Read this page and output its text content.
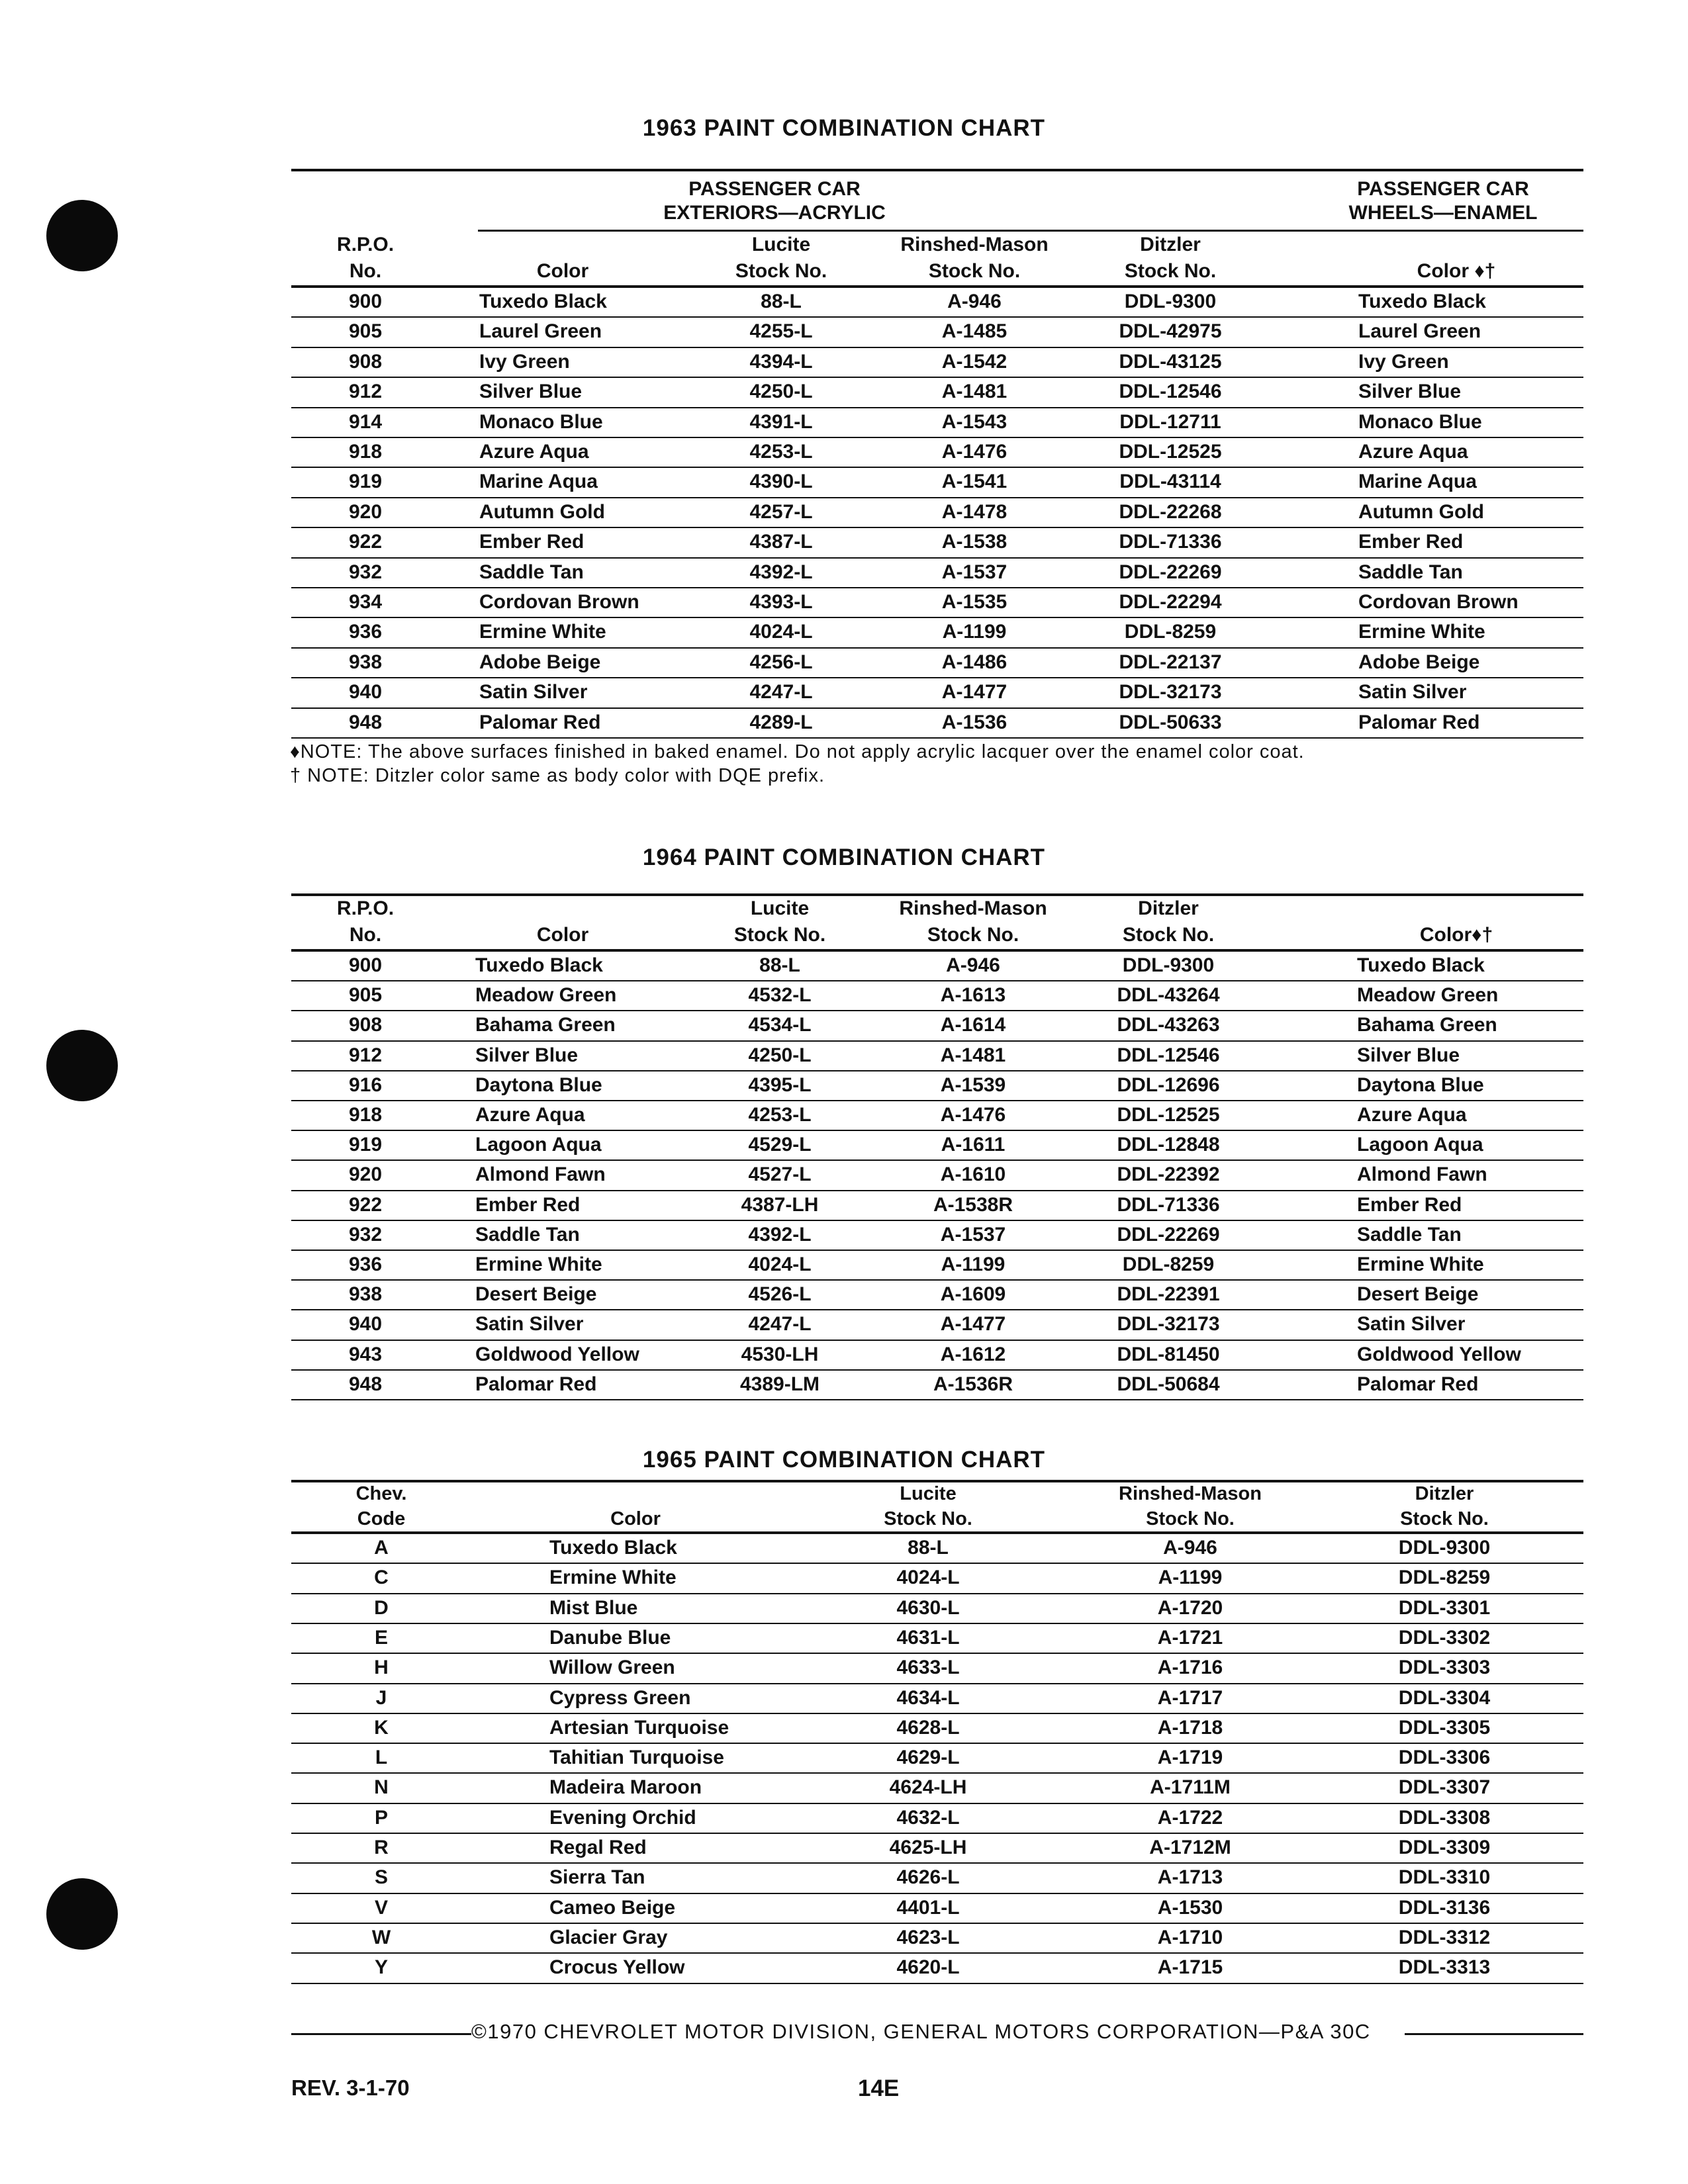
1963 PAINT COMBINATION CHART
PASSENGER CAR
EXTERIORS—ACRYLIC
PASSENGER CAR
WHEELS—ENAMEL
R.P.O.
No.	Color
Lucite
Stock No.
Rinshed-Mason
Stock No.
Ditzler
Stock No.	Color ♦†
900	Tuxedo Black	88-L	A-946	DDL-9300	Tuxedo Black
905	Laurel Green	4255-L	A-1485	DDL-42975	Laurel Green
908	Ivy Green	4394-L	A-1542	DDL-43125	Ivy Green
912	Silver Blue	4250-L	A-1481	DDL-12546	Silver Blue
914	Monaco Blue	4391-L	A-1543	DDL-12711	Monaco Blue
918	Azure Aqua	4253-L	A-1476	DDL-12525	Azure Aqua
919	Marine Aqua	4390-L	A-1541	DDL-43114	Marine Aqua
920	Autumn Gold	4257-L	A-1478	DDL-22268	Autumn Gold
922	Ember Red	4387-L	A-1538	DDL-71336	Ember Red
932	Saddle Tan	4392-L	A-1537	DDL-22269	Saddle Tan
934	Cordovan Brown	4393-L	A-1535	DDL-22294	Cordovan Brown
936	Ermine White	4024-L	A-1199	DDL-8259	Ermine White
938	Adobe Beige	4256-L	A-1486	DDL-22137	Adobe Beige
940	Satin Silver	4247-L	A-1477	DDL-32173	Satin Silver
948	Palomar Red	4289-L	A-1536	DDL-50633	Palomar Red
♦NOTE: The above surfaces finished in baked enamel. Do not apply acrylic lacquer over the enamel color coat.
† NOTE: Ditzler color same as body color with DQE prefix.
1964 PAINT COMBINATION CHART
R.P.O.
No.	Color
Lucite
Stock No.
Rinshed-Mason
Stock No.
Ditzler
Stock No.	Color♦†
900	Tuxedo Black	88-L	A-946	DDL-9300	Tuxedo Black
905	Meadow Green	4532-L	A-1613	DDL-43264	Meadow Green
908	Bahama Green	4534-L	A-1614	DDL-43263	Bahama Green
912	Silver Blue	4250-L	A-1481	DDL-12546	Silver Blue
916	Daytona Blue	4395-L	A-1539	DDL-12696	Daytona Blue
918	Azure Aqua	4253-L	A-1476	DDL-12525	Azure Aqua
919	Lagoon Aqua	4529-L	A-1611	DDL-12848	Lagoon Aqua
920	Almond Fawn	4527-L	A-1610	DDL-22392	Almond Fawn
922	Ember Red	4387-LH	A-1538R	DDL-71336	Ember Red
932	Saddle Tan	4392-L	A-1537	DDL-22269	Saddle Tan
936	Ermine White	4024-L	A-1199	DDL-8259	Ermine White
938	Desert Beige	4526-L	A-1609	DDL-22391	Desert Beige
940	Satin Silver	4247-L	A-1477	DDL-32173	Satin Silver
943	Goldwood Yellow	4530-LH	A-1612	DDL-81450	Goldwood Yellow
948	Palomar Red	4389-LM	A-1536R	DDL-50684	Palomar Red
1965 PAINT COMBINATION CHART
Chev.
Code	Color
Lucite
Stock No.
Rinshed-Mason
Stock No.
Ditzler
Stock No.
A	Tuxedo Black	88-L	A-946	DDL-9300
C	Ermine White	4024-L	A-1199	DDL-8259
D	Mist Blue	4630-L	A-1720	DDL-3301
E	Danube Blue	4631-L	A-1721	DDL-3302
H	Willow Green	4633-L	A-1716	DDL-3303
J	Cypress Green	4634-L	A-1717	DDL-3304
K	Artesian Turquoise	4628-L	A-1718	DDL-3305
L	Tahitian Turquoise	4629-L	A-1719	DDL-3306
N	Madeira Maroon	4624-LH	A-1711M	DDL-3307
P	Evening Orchid	4632-L	A-1722	DDL-3308
R	Regal Red	4625-LH	A-1712M	DDL-3309
S	Sierra Tan	4626-L	A-1713	DDL-3310
V	Cameo Beige	4401-L	A-1530	DDL-3136
W	Glacier Gray	4623-L	A-1710	DDL-3312
Y	Crocus Yellow	4620-L	A-1715	DDL-3313
©1970 CHEVROLET MOTOR DIVISION, GENERAL MOTORS CORPORATION—P&A 30C
REV. 3-1-70	14E
